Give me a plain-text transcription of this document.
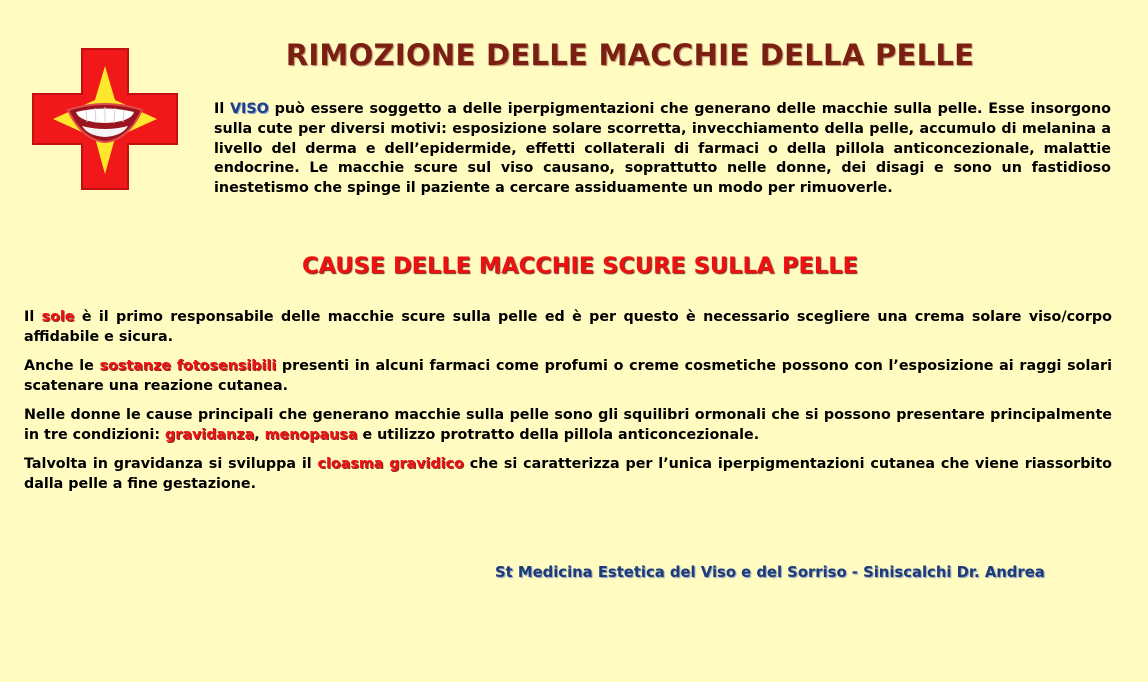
RIMOZIONE DELLE MACCHIE DELLA PELLE

Il VISO può essere soggetto a delle iperpigmentazioni che generano delle macchie sulla pelle. Esse insorgono sulla cute per diversi motivi: esposizione solare scorretta, invecchiamento della pelle, accumulo di melanina a livello del derma e dell’epidermide, effetti collaterali di farmaci o della pillola anticoncezionale, malattie endocrine. Le macchie scure sul viso causano, soprattutto nelle donne, dei disagi e sono un fastidioso inestetismo che spinge il paziente a cercare assiduamente un modo per rimuoverle.

CAUSE DELLE MACCHIE SCURE SULLA PELLE

Il sole è il primo responsabile delle macchie scure sulla pelle ed è per questo è necessario scegliere una crema solare viso/corpo affidabile e sicura.

Anche le sostanze fotosensibili presenti in alcuni farmaci come profumi o creme cosmetiche possono con l’esposizione ai raggi solari scatenare una reazione cutanea.

Nelle donne le cause principali che generano macchie sulla pelle sono gli squilibri ormonali che si possono presentare principalmente in tre condizioni: gravidanza, menopausa e utilizzo protratto della pillola anticoncezionale.

Talvolta in gravidanza si sviluppa il cloasma gravidico che si caratterizza per l’unica iperpigmentazioni cutanea che viene riassorbito dalla pelle a fine gestazione.

St Medicina Estetica del Viso e del Sorriso - Siniscalchi Dr. Andrea
